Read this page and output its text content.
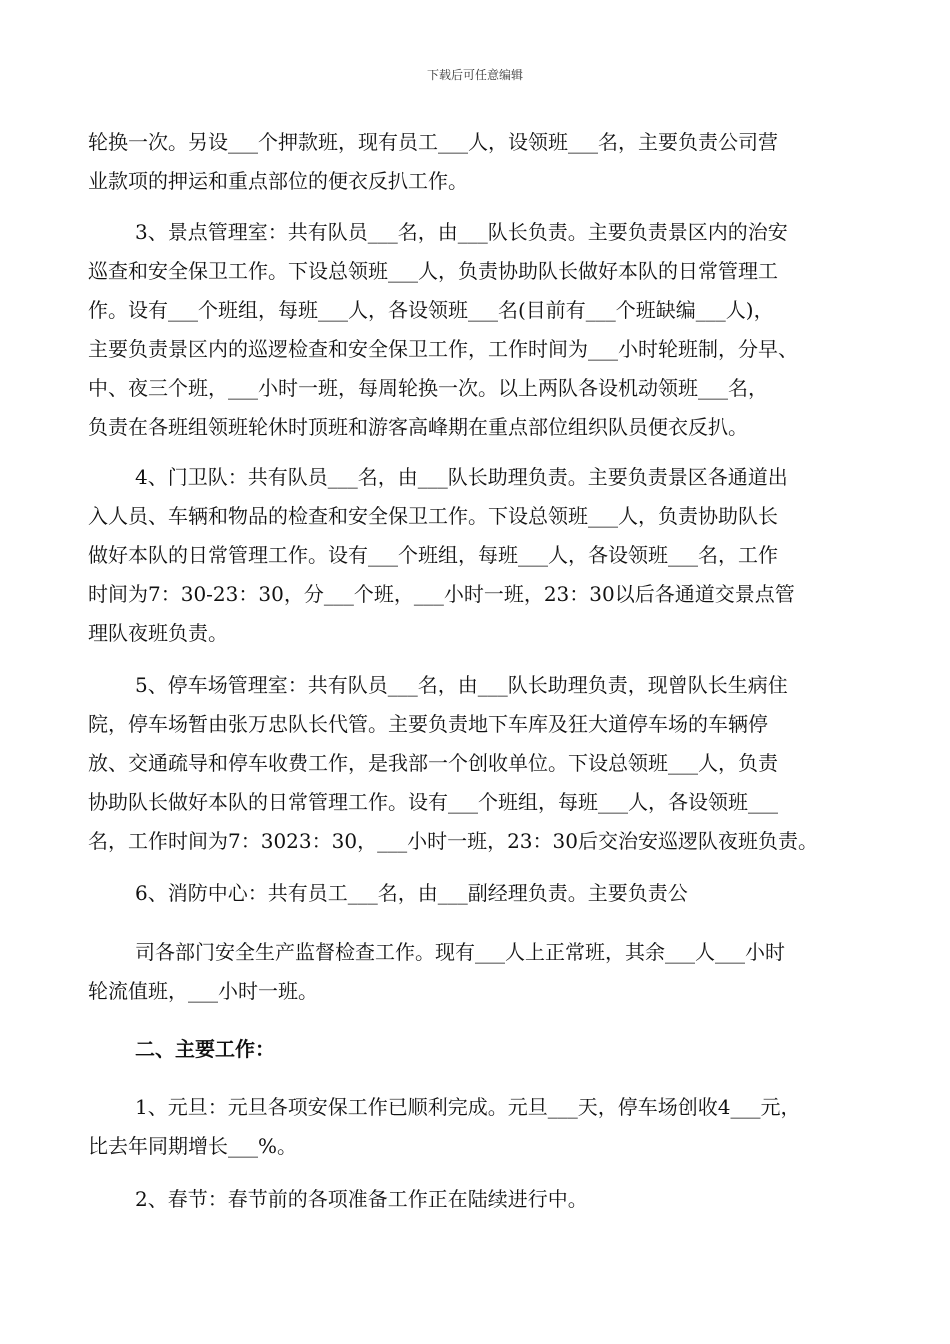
下载后可任意编辑

轮换一次。另设___个押款班，现有员工___人，设领班___名，主要负责公司营
业款项的押运和重点部位的便衣反扒工作。

3、景点管理室：共有队员___名，由___队长负责。主要负责景区内的治安
巡查和安全保卫工作。下设总领班___人，负责协助队长做好本队的日常管理工
作。设有___个班组，每班___人，各设领班___名(目前有___个班缺编___人)，
主要负责景区内的巡逻检查和安全保卫工作，工作时间为___小时轮班制，分早、
中、夜三个班，___小时一班，每周轮换一次。以上两队各设机动领班___名，
负责在各班组领班轮休时顶班和游客高峰期在重点部位组织队员便衣反扒。

4、门卫队：共有队员___名，由___队长助理负责。主要负责景区各通道出
入人员、车辆和物品的检查和安全保卫工作。下设总领班___人，负责协助队长
做好本队的日常管理工作。设有___个班组，每班___人，各设领班___名，工作
时间为7：30-23：30，分___个班，___小时一班，23：30以后各通道交景点管
理队夜班负责。

5、停车场管理室：共有队员___名，由___队长助理负责，现曾队长生病住
院，停车场暂由张万忠队长代管。主要负责地下车库及狂大道停车场的车辆停
放、交通疏导和停车收费工作，是我部一个创收单位。下设总领班___人，负责
协助队长做好本队的日常管理工作。设有___个班组，每班___人，各设领班___
名，工作时间为7：3023：30，___小时一班，23：30后交治安巡逻队夜班负责。

6、消防中心：共有员工___名，由___副经理负责。主要负责公

司各部门安全生产监督检查工作。现有___人上正常班，其余___人___小时
轮流值班，___小时一班。

二、主要工作：

1、元旦：元旦各项安保工作已顺利完成。元旦___天，停车场创收4___元，
比去年同期增长___%。

2、春节：春节前的各项准备工作正在陆续进行中。
